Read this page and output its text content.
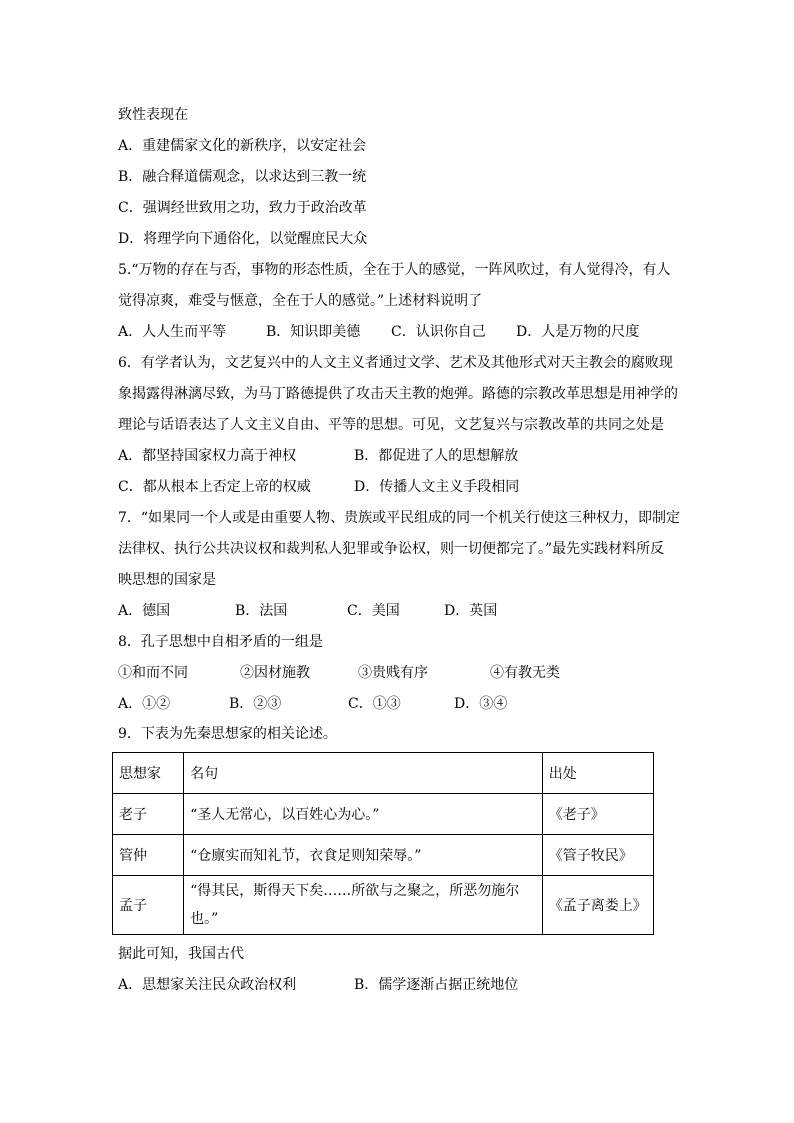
致性表现在
A．重建儒家文化的新秩序，以安定社会
B．融合释道儒观念，以求达到三教一统
C．强调经世致用之功，致力于政治改革
D．将理学向下通俗化，以觉醒庶民大众
5.“万物的存在与否，事物的形态性质，全在于人的感觉，一阵风吹过，有人觉得冷，有人
觉得凉爽，难受与惬意，全在于人的感觉。”上述材料说明了
A．人人生而平等	B．知识即美德	C．认识你自己	D．人是万物的尺度
6．有学者认为，文艺复兴中的人文主义者通过文学、艺术及其他形式对天主教会的腐败现
象揭露得淋漓尽致，为马丁路德提供了攻击天主教的炮弹。路德的宗教改革思想是用神学的
理论与话语表达了人文主义自由、平等的思想。可见，文艺复兴与宗教改革的共同之处是
A．都坚持国家权力高于神权	B．都促进了人的思想解放
C．都从根本上否定上帝的权威	D．传播人文主义手段相同
7．“如果同一个人或是由重要人物、贵族或平民组成的同一个机关行使这三种权力，即制定
法律权、执行公共决议权和裁判私人犯罪或争讼权，则一切便都完了。”最先实践材料所反
映思想的国家是
A．德国	B．法国	C．美国	D．英国
8．孔子思想中自相矛盾的一组是
①和而不同	②因材施教	③贵贱有序	④有教无类
A．①②	B．②③	C．①③	D．③④
9．下表为先秦思想家的相关论述。
思想家	名句	出处
老子	“圣人无常心，以百姓心为心。”	《老子》
管仲	“仓廪实而知礼节，衣食足则知荣辱。”	《管子牧民》
孟子	“得其民，斯得天下矣……所欲与之聚之，所恶勿施尔也。”	《孟子离娄上》
据此可知，我国古代
A．思想家关注民众政治权利	B．儒学逐渐占据正统地位
